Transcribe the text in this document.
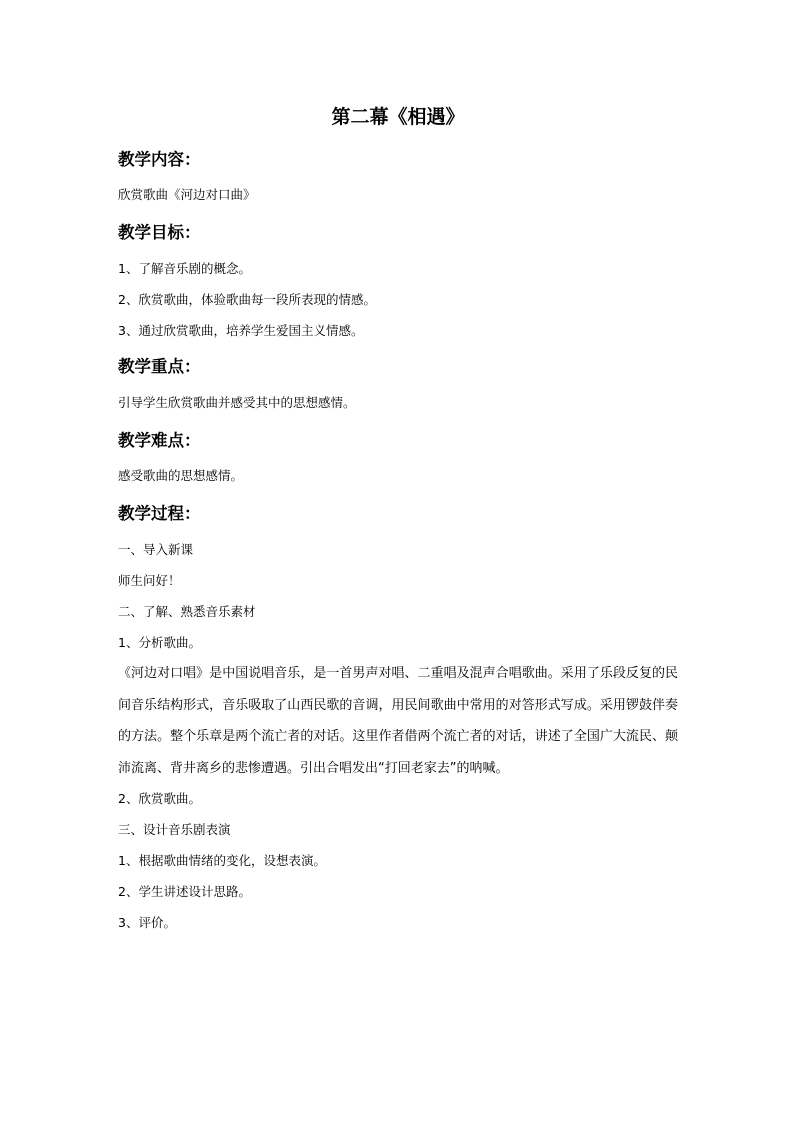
第二幕《相遇》
教学内容：
欣赏歌曲《河边对口曲》
教学目标：
1、了解音乐剧的概念。
2、欣赏歌曲，体验歌曲每一段所表现的情感。
3、通过欣赏歌曲，培养学生爱国主义情感。
教学重点：
引导学生欣赏歌曲并感受其中的思想感情。
教学难点：
感受歌曲的思想感情。
教学过程：
一、导入新课
师生问好！
二、了解、熟悉音乐素材
1、分析歌曲。
《河边对口唱》是中国说唱音乐，是一首男声对唱、二重唱及混声合唱歌曲。采用了乐段反复的民间音乐结构形式，音乐吸取了山西民歌的音调，用民间歌曲中常用的对答形式写成。采用锣鼓伴奏的方法。整个乐章是两个流亡者的对话。这里作者借两个流亡者的对话，讲述了全国广大流民、颠沛流离、背井离乡的悲惨遭遇。引出合唱发出“打回老家去”的呐喊。
2、欣赏歌曲。
三、设计音乐剧表演
1、根据歌曲情绪的变化，设想表演。
2、学生讲述设计思路。
3、评价。
